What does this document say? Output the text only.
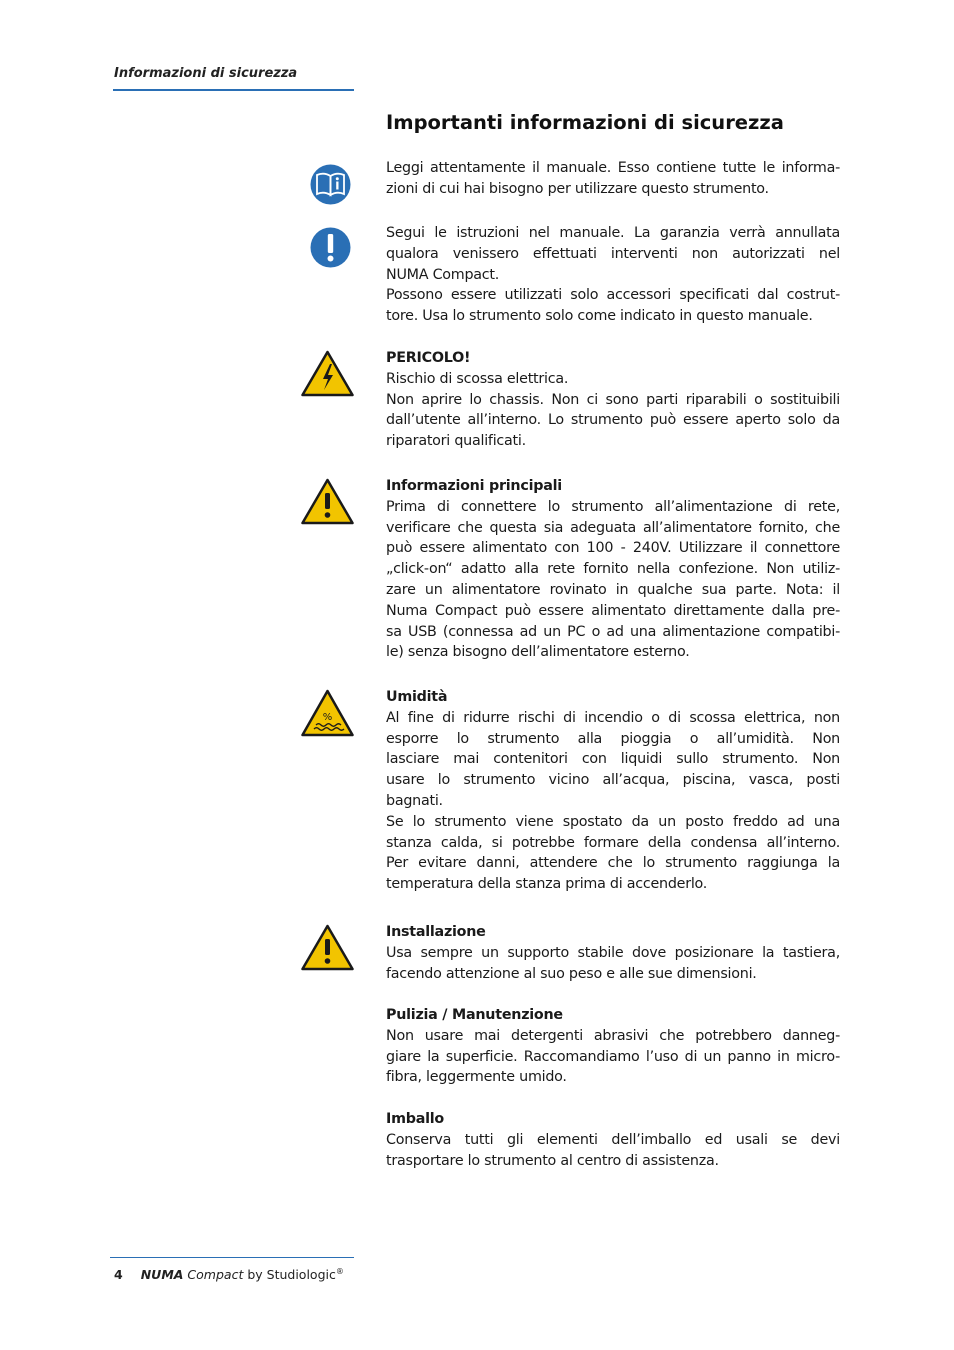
Informazioni di sicurezza
Importanti informazioni di sicurezza
%
Leggi attentamente il manuale. Esso contiene tutte le informa-
zioni di cui hai bisogno per utilizzare questo strumento.
Segui le istruzioni nel manuale. La garanzia verrà annullata
qualora venissero effettuati interventi non autorizzati nel
NUMA Compact.
Possono essere utilizzati solo accessori specificati dal costrut-
tore. Usa lo strumento solo come indicato in questo manuale.
PERICOLO!
Rischio di scossa elettrica.
Non aprire lo chassis. Non ci sono parti riparabili o sostituibili
dall’utente all’interno. Lo strumento può essere aperto solo da
riparatori qualificati.
Informazioni principali
Prima di connettere lo strumento all’alimentazione di rete,
verificare che questa sia adeguata all’alimentatore fornito, che
può essere alimentato con 100 - 240V. Utilizzare il connettore
„click-on“ adatto alla rete fornito nella confezione. Non utiliz-
zare un alimentatore rovinato in qualche sua parte. Nota: il
Numa Compact può essere alimentato direttamente dalla pre-
sa USB (connessa ad un PC o ad una alimentazione compatibi-
le) senza bisogno dell’alimentatore esterno.
Umidità
Al fine di ridurre rischi di incendio o di scossa elettrica, non
esporre lo strumento alla pioggia o all’umidità. Non
lasciare mai contenitori con liquidi sullo strumento. Non
usare lo strumento vicino all’acqua, piscina, vasca, posti
bagnati.
Se lo strumento viene spostato da un posto freddo ad una
stanza calda, si potrebbe formare della condensa all’interno.
Per evitare danni, attendere che lo strumento raggiunga la
temperatura della stanza prima di accenderlo.
Installazione
Usa sempre un supporto stabile dove posizionare la tastiera,
facendo attenzione al suo peso e alle sue dimensioni.
Pulizia / Manutenzione
Non usare mai detergenti abrasivi che potrebbero danneg-
giare la superficie. Raccomandiamo l’uso di un panno in micro-
fibra, leggermente umido.
Imballo
Conserva tutti gli elementi dell’imballo ed usali se devi
trasportare lo strumento al centro di assistenza.
4 NUMA Compact by Studiologic®
